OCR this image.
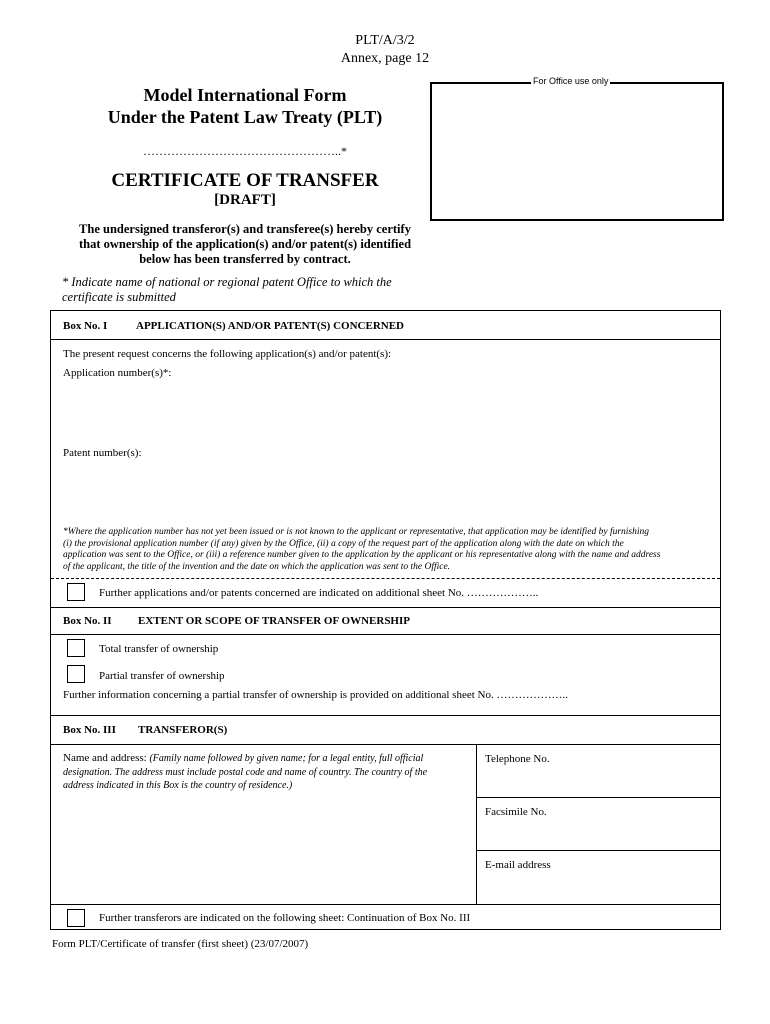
PLT/A/3/2
Annex, page 12
Model International Form
Under the Patent Law Treaty (PLT)
…………………………………………..*
CERTIFICATE OF TRANSFER
[DRAFT]
For Office use only
The undersigned transferor(s) and transferee(s) hereby certify
that ownership of the application(s) and/or patent(s) identified
below has been transferred by contract.
* Indicate name of national or regional patent Office to which the
certificate is submitted
Box No. I	APPLICATION(S) AND/OR PATENT(S) CONCERNED
The present request concerns the following application(s) and/or patent(s):
Application number(s)*:
Patent number(s):
*Where the application number has not yet been issued or is not known to the applicant or representative, that application may be identified by furnishing
(i) the provisional application number (if any) given by the Office, (ii) a copy of the request part of the application along with the date on which the
application was sent to the Office, or (iii) a reference number given to the application by the applicant or his representative along with the name and address
of the applicant, the title of the invention and the date on which the application was sent to the Office.
Further applications and/or patents concerned are indicated on additional sheet No. ………………..
Box No. II EXTENT OR SCOPE OF TRANSFER OF OWNERSHIP
Total transfer of ownership
Partial transfer of ownership
Further information concerning a partial transfer of ownership is provided on additional sheet No. ………………..
Box No. III TRANSFEROR(S)
Name and address: (Family name followed by given name; for a legal entity, full official
designation. The address must include postal code and name of country. The country of the
address indicated in this Box is the country of residence.)
Telephone No.
Facsimile No.
E-mail address
Further transferors are indicated on the following sheet: Continuation of Box No. III
Form PLT/Certificate of transfer (first sheet) (23/07/2007)
